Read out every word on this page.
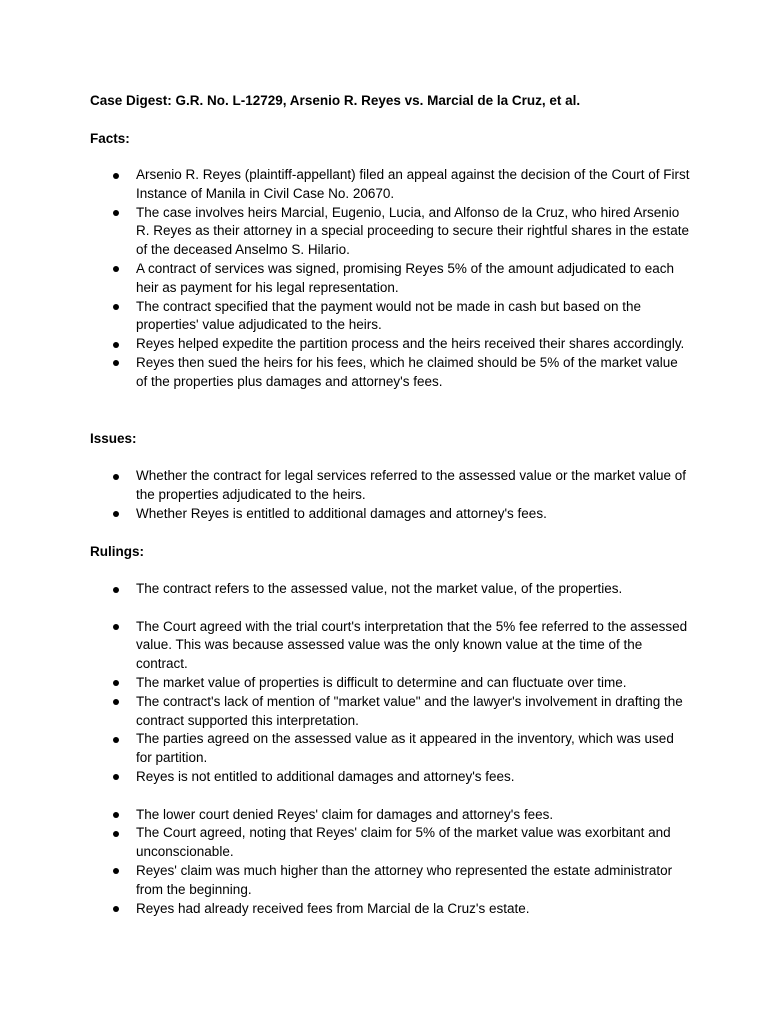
Case Digest: G.R. No. L-12729, Arsenio R. Reyes vs. Marcial de la Cruz, et al.

Facts:

Arsenio R. Reyes (plaintiff-appellant) filed an appeal against the decision of the Court of First Instance of Manila in Civil Case No. 20670.
The case involves heirs Marcial, Eugenio, Lucia, and Alfonso de la Cruz, who hired Arsenio R. Reyes as their attorney in a special proceeding to secure their rightful shares in the estate of the deceased Anselmo S. Hilario.
A contract of services was signed, promising Reyes 5% of the amount adjudicated to each heir as payment for his legal representation.
The contract specified that the payment would not be made in cash but based on the properties' value adjudicated to the heirs.
Reyes helped expedite the partition process and the heirs received their shares accordingly.
Reyes then sued the heirs for his fees, which he claimed should be 5% of the market value of the properties plus damages and attorney's fees.

Issues:

Whether the contract for legal services referred to the assessed value or the market value of the properties adjudicated to the heirs.
Whether Reyes is entitled to additional damages and attorney's fees.

Rulings:

The contract refers to the assessed value, not the market value, of the properties.
The Court agreed with the trial court's interpretation that the 5% fee referred to the assessed value. This was because assessed value was the only known value at the time of the contract.
The market value of properties is difficult to determine and can fluctuate over time.
The contract's lack of mention of "market value" and the lawyer's involvement in drafting the contract supported this interpretation.
The parties agreed on the assessed value as it appeared in the inventory, which was used for partition.
Reyes is not entitled to additional damages and attorney's fees.
The lower court denied Reyes' claim for damages and attorney's fees.
The Court agreed, noting that Reyes' claim for 5% of the market value was exorbitant and unconscionable.
Reyes' claim was much higher than the attorney who represented the estate administrator from the beginning.
Reyes had already received fees from Marcial de la Cruz's estate.
